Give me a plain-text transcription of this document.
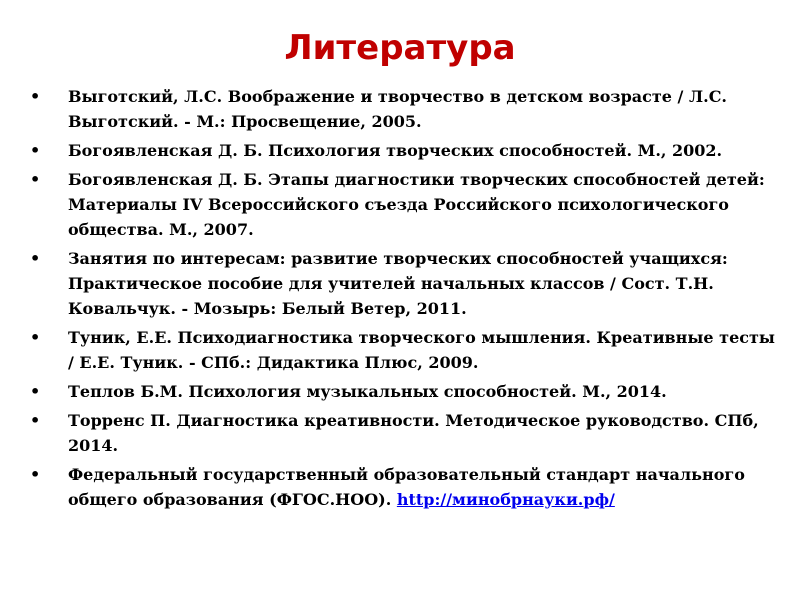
Литература
•	Выготский, Л.С. Воображение и творчество в детском возрасте / Л.С. Выготский. - М.: Просвещение, 2005.
•	Богоявленская Д. Б. Психология творческих способностей. М., 2002.
•	Богоявленская Д. Б. Этапы диагностики творческих способностей детей: Материалы IV Всероссийского съезда Российского психологического общества. М., 2007.
•	Занятия по интересам: развитие творческих способностей учащихся: Практическое пособие для учителей начальных классов / Сост. Т.Н. Ковальчук. - Мозырь: Белый Ветер, 2011.
•	Туник, Е.Е. Психодиагностика творческого мышления. Креативные тесты / Е.Е. Туник. - СПб.: Дидактика Плюс, 2009.
•	Теплов Б.М. Психология музыкальных способностей. М., 2014.
•	Торренс П. Диагностика креативности. Методическое руководство. СПб, 2014.
•	Федеральный государственный образовательный стандарт начального общего образования (ФГОС.НОО). http://минобрнауки.рф/
